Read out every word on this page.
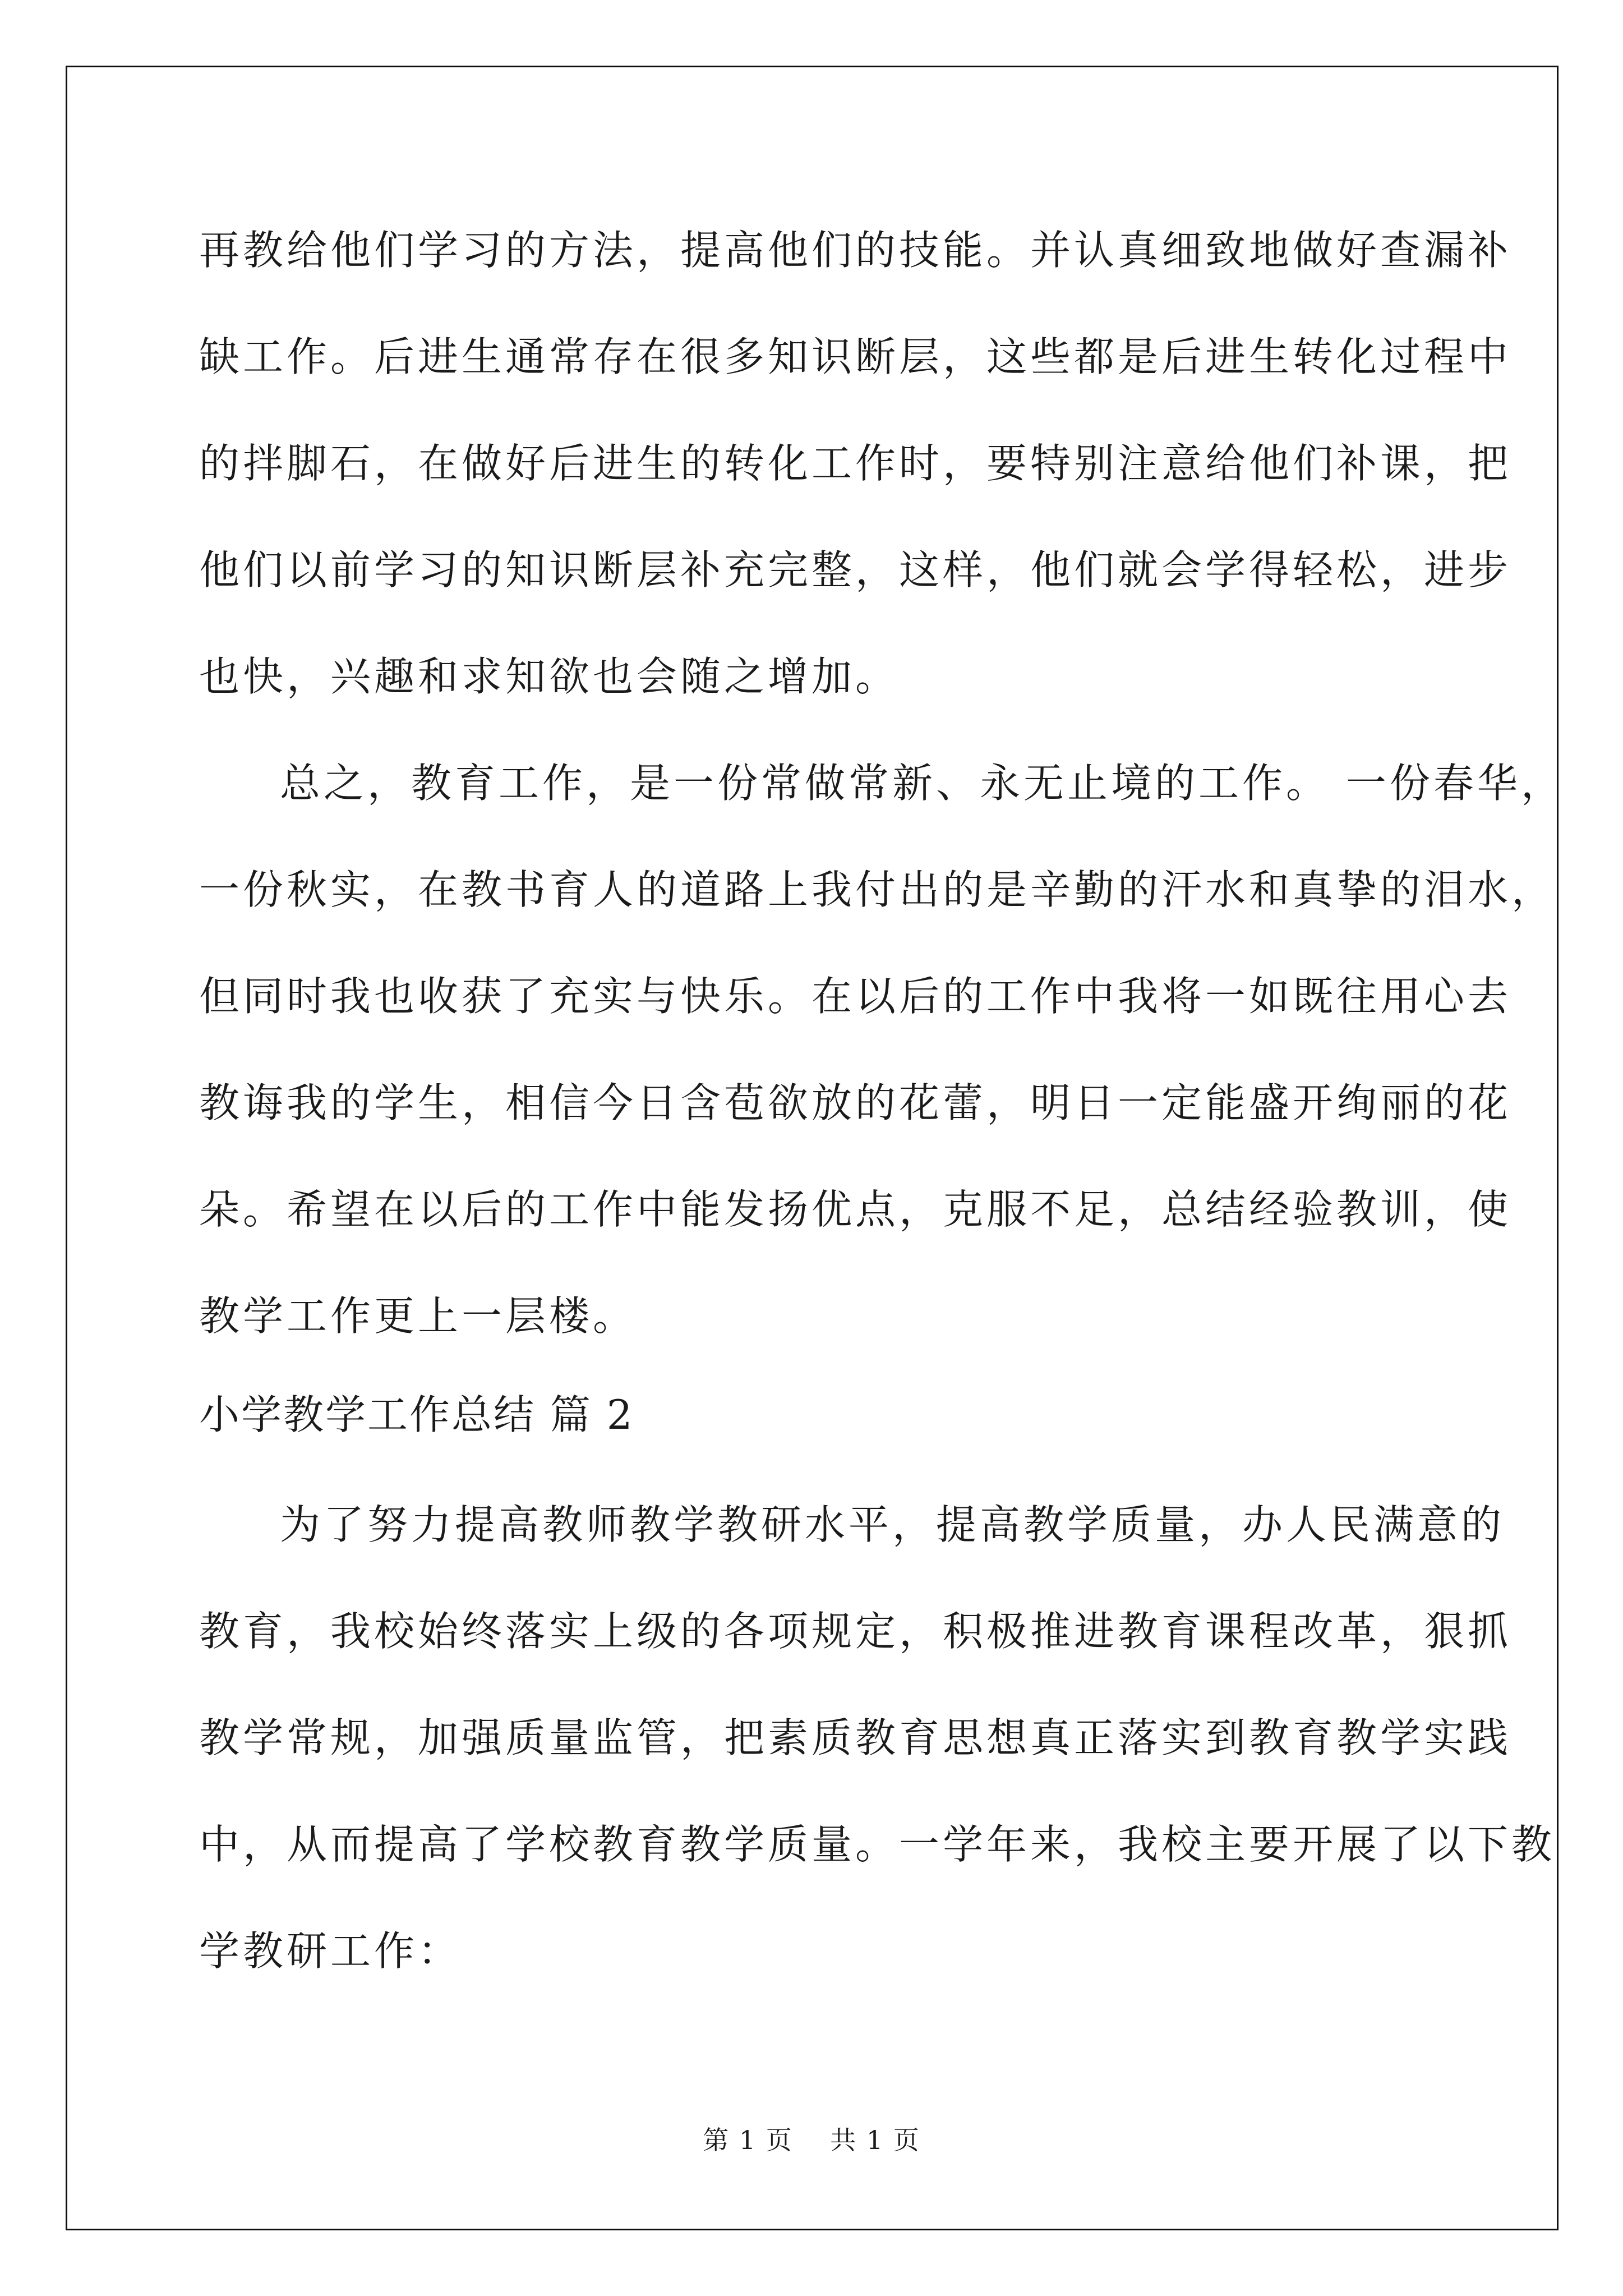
再教给他们学习的方法，提高他们的技能。并认真细致地做好查漏补
缺工作。后进生通常存在很多知识断层，这些都是后进生转化过程中
的拌脚石，在做好后进生的转化工作时，要特别注意给他们补课，把
他们以前学习的知识断层补充完整，这样，他们就会学得轻松，进步
也快，兴趣和求知欲也会随之增加。
总之，教育工作，是一份常做常新、永无止境的工作。 一份春华，
一份秋实，在教书育人的道路上我付出的是辛勤的汗水和真挚的泪水，
但同时我也收获了充实与快乐。在以后的工作中我将一如既往用心去
教诲我的学生，相信今日含苞欲放的花蕾，明日一定能盛开绚丽的花
朵。希望在以后的工作中能发扬优点，克服不足，总结经验教训，使
教学工作更上一层楼。
小学教学工作总结 篇 2
为了努力提高教师教学教研水平，提高教学质量，办人民满意的
教育，我校始终落实上级的各项规定，积极推进教育课程改革，狠抓
教学常规，加强质量监管，把素质教育思想真正落实到教育教学实践
中，从而提高了学校教育教学质量。一学年来，我校主要开展了以下教
学教研工作：
第 1 页    共 1 页
